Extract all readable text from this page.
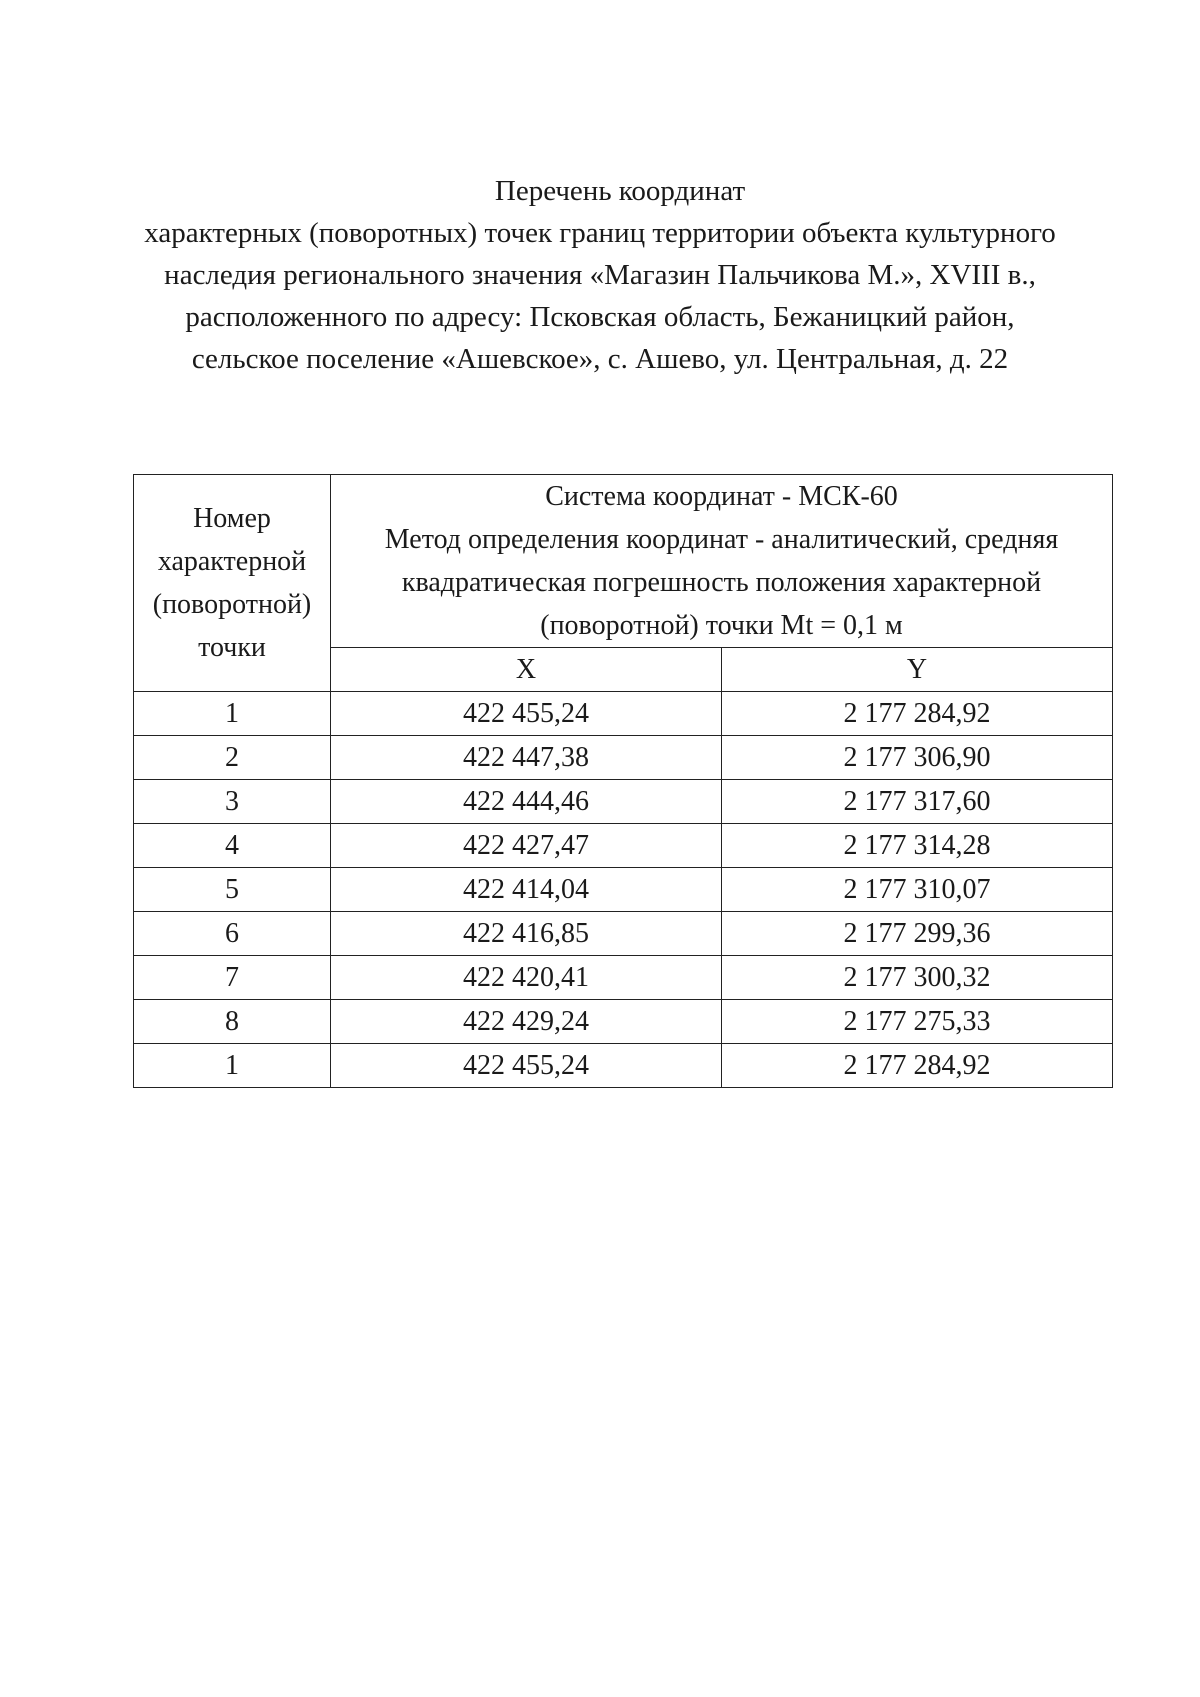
Перечень координат
характерных (поворотных) точек границ территории объекта культурного
наследия регионального значения «Магазин Пальчикова М.», XVIII в.,
расположенного по адресу: Псковская область, Бежаницкий район,
сельское поселение «Ашевское», с. Ашево, ул. Центральная, д. 22
Номер
характерной
(поворотной)
точки	Система координат - МСК-60
Метод определения координат - аналитический, средняя
квадратическая погрешность положения характерной
(поворотной) точки Mt = 0,1 м	

	X	Y
1	422 455,24	2 177 284,92
2	422 447,38	2 177 306,90
3	422 444,46	2 177 317,60
4	422 427,47	2 177 314,28
5	422 414,04	2 177 310,07
6	422 416,85	2 177 299,36
7	422 420,41	2 177 300,32
8	422 429,24	2 177 275,33
1	422 455,24	2 177 284,92
